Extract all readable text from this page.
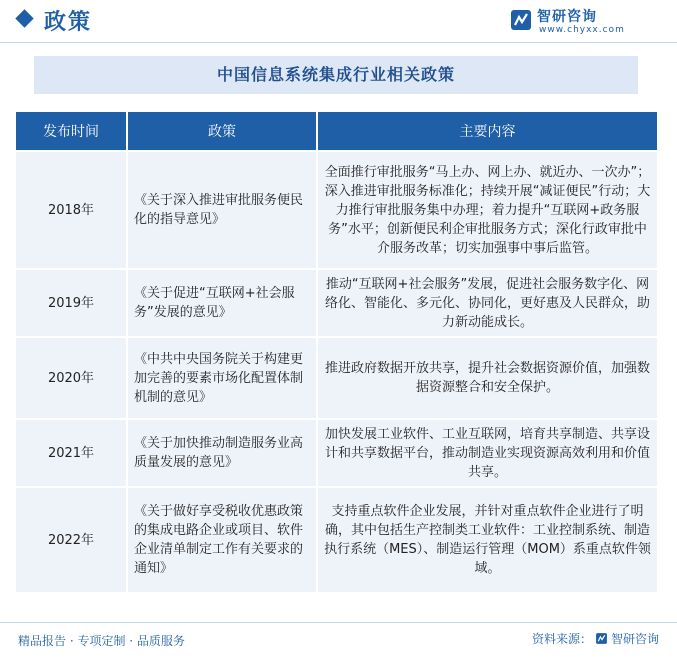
政策	智研咨询
www.chyxx.com
中国信息系统集成行业相关政策
发布时间	政策	主要内容
2018年	《关于深入推进审批服务便民化的指导意见》	全面推行审批服务“马上办、网上办、就近办、一次办”；深入推进审批服务标准化；持续开展“减证便民”行动；大力推行审批服务集中办理；着力提升“互联网+政务服务”水平；创新便民利企审批服务方式；深化行政审批中介服务改革；切实加强事中事后监管。
2019年	《关于促进“互联网+社会服务”发展的意见》	推动“互联网+社会服务”发展，促进社会服务数字化、网络化、智能化、多元化、协同化，更好惠及人民群众，助力新动能成长。
2020年	《中共中央国务院关于构建更加完善的要素市场化配置体制机制的意见》	推进政府数据开放共享，提升社会数据资源价值，加强数据资源整合和安全保护。
2021年	《关于加快推动制造服务业高质量发展的意见》	加快发展工业软件、工业互联网，培育共享制造、共享设计和共享数据平台，推动制造业实现资源高效利用和价值共享。
2022年	《关于做好享受税收优惠政策的集成电路企业或项目、软件企业清单制定工作有关要求的通知》	支持重点软件企业发展，并针对重点软件企业进行了明确，其中包括生产控制类工业软件：工业控制系统、制造执行系统（MES）、制造运行管理（MOM）系重点软件领域。
精品报告 · 专项定制 · 品质服务	资料来源： 智研咨询
